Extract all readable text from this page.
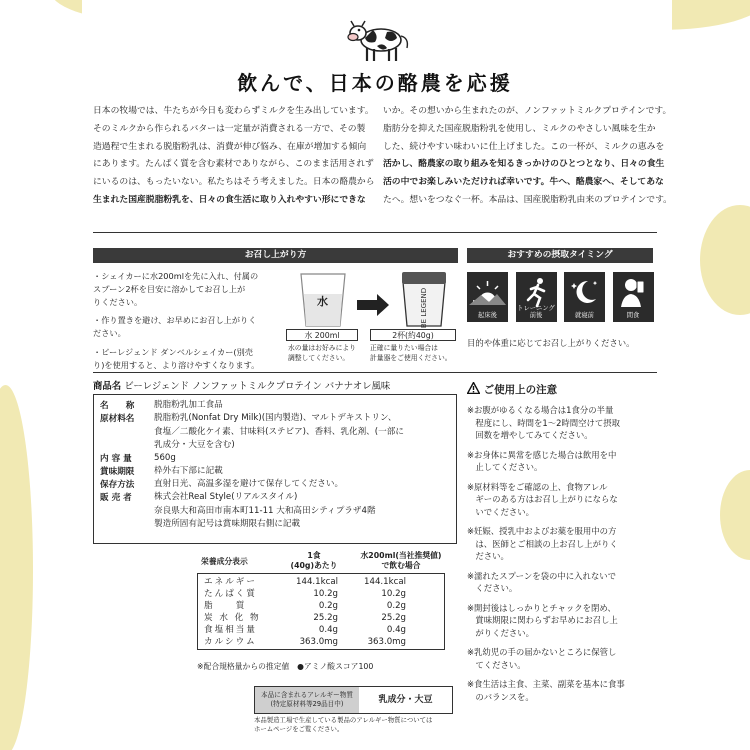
飲んで、日本の酪農を応援

日本の牧場では、牛たちが今日も変わらずミルクを生み出しています。

そのミルクから作られるバターは一定量が消費される一方で、その製

造過程で生まれる脱脂粉乳は、消費が伸び悩み、在庫が増加する傾向

にあります。たんぱく質を含む素材でありながら、このまま活用されず

にいるのは、もったいない。私たちはそう考えました。日本の酪農から

生まれた国産脱脂粉乳を、日々の食生活に取り入れやすい形にできな

いか。その想いから生まれたのが、ノンファットミルクプロテインです。

脂肪分を抑えた国産脱脂粉乳を使用し、ミルクのやさしい風味を生か

した、続けやすい味わいに仕上げました。この一杯が、ミルクの恵みを

活かし、酪農家の取り組みを知るきっかけのひとつとなり、日々の食生

活の中でお楽しみいただければ幸いです。牛へ、酪農家へ、そしてあな

たへ。想いをつなぐ一杯。本品は、国産脱脂粉乳由来のプロテインです。

お召し上がり方
・シェイカーに水200mlを先に入れ、付属の
スプーン2杯を目安に溶かしてお召し上が
りください。
・作り置きを避け、お早めにお召し上がりく
ださい。
・ビーレジェンド ダンベルシェイカー(別売
り)を使用すると、より溶けやすくなります。
BE LEGEND
水
水 200ml	2杯(約40g)
水の量はお好みにより
調整してください。
正確に量りたい場合は
計量器をご使用ください。
おすすめの摂取タイミング
目的や体重に応じてお召し上がりください。
商品名 ビーレジェンド ノンファットミルクプロテイン バナナオレ風味
名　　称 脱脂粉乳加工食品
原材料名 脱脂粉乳(Nonfat Dry Milk)(国内製造)、マルトデキストリン、
食塩／二酸化ケイ素、甘味料(ステビア)、香料、乳化剤、(一部に
乳成分・大豆を含む)
内 容 量	560g
賞味期限 枠外右下部に記載
保存方法 直射日光、高温多湿を避けて保存してください。
販 売 者	株式会社Real Style(リアルスタイル)
奈良県大和高田市南本町11-11 大和高田シティプラザ4階
製造所固有記号は賞味期限右側に記載
栄養成分表示
1食
(40g)あたり
水200ml(当社推奨値)
で飲む場合
エネルギー	144.1kcal	144.1kcal
たんぱく質	10.2g	10.2g
脂　　質	0.2g	0.2g
炭 水 化 物	25.2g	25.2g
食塩相当量	0.4g	0.4g
カルシウム	363.0mg	363.0mg
※配合規格量からの推定値　●アミノ酸スコア100
本品に含まれるアレルギー物質
(特定原材料等29品目中)	乳成分・大豆
本品製造工場で生産している製品のアレルギー物質については
ホームページをご覧ください。
ご使用上の注意
※お腹がゆるくなる場合は1食分の半量
　程度にし、時間を1〜2時間空けて摂取
　回数を増やしてみてください。
※お身体に異常を感じた場合は飲用を中
　止してください。
※原材料等をご確認の上、食物アレル
　ギーのある方はお召し上がりにならな
　いでください。
※妊娠、授乳中およびお薬を服用中の方
　は、医師とご相談の上お召し上がりく
　ださい。
※濡れたスプーンを袋の中に入れないで
　ください。
※開封後はしっかりとチャックを閉め、
　賞味期限に関わらずお早めにお召し上
　がりください。
※乳幼児の手の届かないところに保管し
　てください。
※食生活は主食、主菜、副菜を基本に食事
　のバランスを。
起床後
トレーニング
前後	就寝前	間食
